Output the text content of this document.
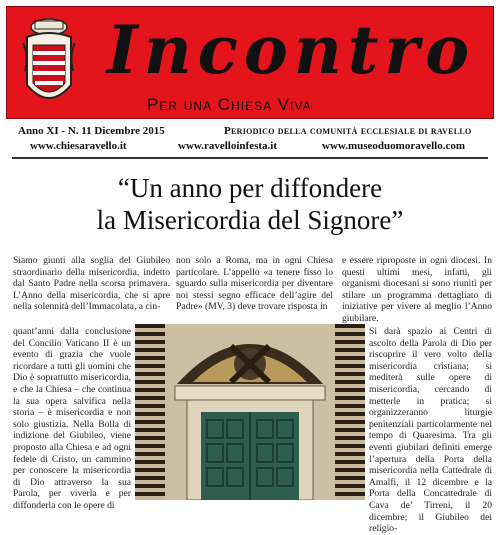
Incontro
Per una Chiesa Viva
Anno XI - N. 11 Dicembre 2015	Periodico della comunità ecclesiale di ravello
www.chiesaravello.it	www.ravelloinfesta.it	www.museoduomoravello.com
“Un anno per diffondere
la Misericordia del Signore”

Siamo giunti alla soglia del Giubileo straordinario della misericordia, indetto dal Santo Padre nella scorsa primavera. L’Anno della misericordia, che si apre nella solennità dell’Immacolata, a cin-

non solo a Roma, ma in ogni Chiesa particolare. L’appello «a tenere fisso lo sguardo sulla misericordia per diventare noi stessi segno efficace dell’agire del Padre» (MV, 3) deve trovare risposta in

e essere riproposte in ogni diocesi. In questi ultimi mesi, infatti, gli organismi diocesani si sono riuniti per stilare un programma dettagliato di iniziative per vivere al meglio l’Anno giubilare.

quant’anni dalla conclusione del Concilio Vaticano II è un evento di grazia che vuole ricordare a tutti gli uomini che Dio è soprattutto misericordia, e che la Chiesa – che continua la sua opera salvifica nella storia – è misericordia e non solo giustizia. Nella Bolla di indizione del Giubileo, viene proposto alla Chiesa e ad ogni fedele di Cristo, un cammino per conoscere la misericordia di Dio attraverso la sua Parola, per viverla e per diffonderla con le opere di

Si darà spazio ai Centri di ascolto della Parola di Dio per riscoprire il vero volto della misericordia cristiana; si mediterà sulle opere di misericordia, cercando di metterle in pratica; si organizzeranno liturgie penitenziali particolarmente nel tempo di Quaresima. Tra gli eventi giubilari definiti emerge l’apertura della Porta della misericordia nella Cattedrale di Amalfi, il 12 dicembre e la Porta della Concattedrale di Cava de’ Tirreni, il 20 dicembre; il Giubileo dei religio-
